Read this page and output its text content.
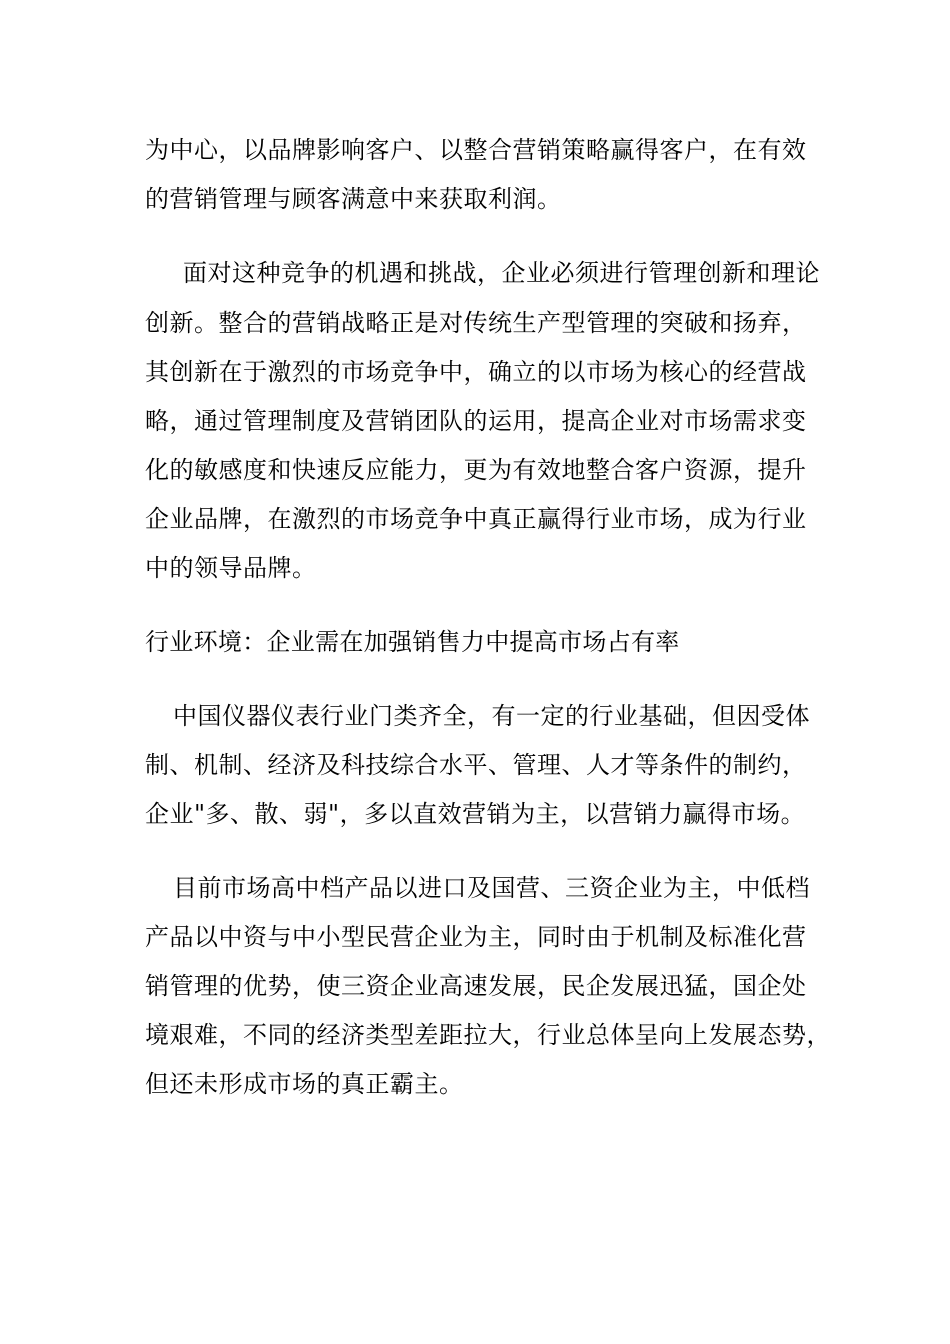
为中心，以品牌影响客户、以整合营销策略赢得客户，在有效
的营销管理与顾客满意中来获取利润。
面对这种竞争的机遇和挑战，企业必须进行管理创新和理论
创新。整合的营销战略正是对传统生产型管理的突破和扬弃，
其创新在于激烈的市场竞争中，确立的以市场为核心的经营战
略，通过管理制度及营销团队的运用，提高企业对市场需求变
化的敏感度和快速反应能力，更为有效地整合客户资源，提升
企业品牌，在激烈的市场竞争中真正赢得行业市场，成为行业
中的领导品牌。
行业环境：企业需在加强销售力中提高市场占有率
中国仪器仪表行业门类齐全，有一定的行业基础，但因受体
制、机制、经济及科技综合水平、管理、人才等条件的制约，
企业"多、散、弱"，多以直效营销为主，以营销力赢得市场。
目前市场高中档产品以进口及国营、三资企业为主，中低档
产品以中资与中小型民营企业为主，同时由于机制及标准化营
销管理的优势，使三资企业高速发展，民企发展迅猛，国企处
境艰难，不同的经济类型差距拉大，行业总体呈向上发展态势，
但还未形成市场的真正霸主。
